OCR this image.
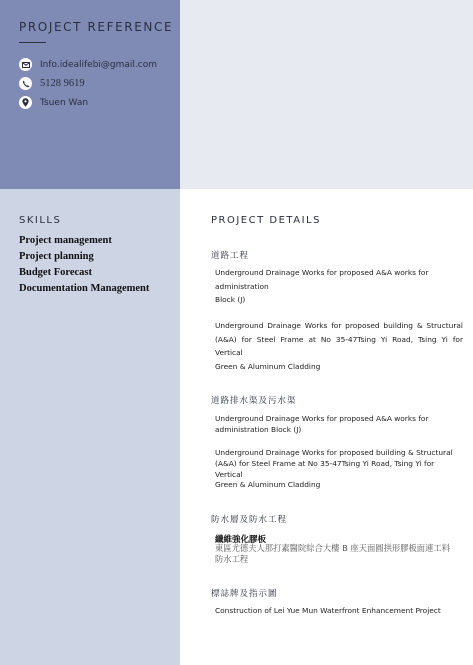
PROJECT REFERENCE
Info.idealifebi@gmail.com
5128 9619
Tsuen Wan
SKILLS
Project management
Project planning
Budget Forecast
Documentation Management
PROJECT DETAILS
道路工程
Underground Drainage Works for proposed A&A works for
administration
Block (J)
Underground Drainage Works for proposed building & Structural
(A&A) for Steel Frame at No 35-47Tsing Yi Road, Tsing Yi for Vertical
Green & Aluminum Cladding
道路排水渠及污水渠
Underground Drainage Works for proposed A&A works for
administration Block (J)
Underground Drainage Works for proposed building & Structural
(A&A) for Steel Frame at No 35-47Tsing Yi Road, Tsing Yi for Vertical
Green & Aluminum Cladding
防水層及防水工程
纖維強化膠板
東區尤德夫人那打素醫院綜合大樓 B 座天面圓拱形膠板面連工料
防水工程
標誌牌及指示圖
Construction of Lei Yue Mun Waterfront Enhancement Project
